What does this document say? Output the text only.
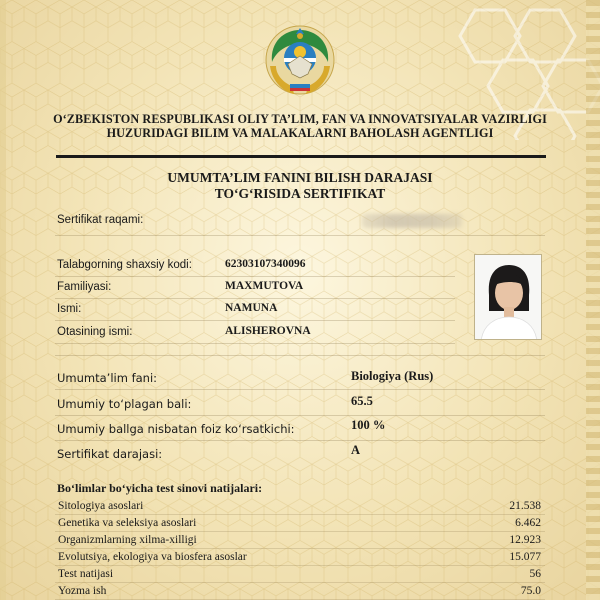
O‘ZBEKISTON RESPUBLIKASI OLIY TA’LIM, FAN VA INNOVATSIYALAR VAZIRLIGI
HUZURIDAGI BILIM VA MALAKALARNI BAHOLASH AGENTLIGI
UMUMTA’LIM FANINI BILISH DARAJASI
TO‘G‘RISIDA SERTIFIKAT
Sertifikat raqami:
Talabgorning shaxsiy kodi:	62303107340096
Familiyasi:	MAXMUTOVA
Ismi:	NAMUNA
Otasining ismi:	ALISHEROVNA
Umumta’lim fani:	Biologiya (Rus)
Umumiy to‘plagan bali:	65.5
Umumiy ballga nisbatan foiz ko‘rsatkichi:	100 %
Sertifikat darajasi:	A
Bo‘limlar bo‘yicha test sinovi natijalari:
Sitologiya asoslari	21.538
Genetika va seleksiya asoslari	6.462
Organizmlarning xilma-xilligi	12.923
Evolutsiya, ekologiya va biosfera asoslar	15.077
Test natijasi	56
Yozma ish	75.0
